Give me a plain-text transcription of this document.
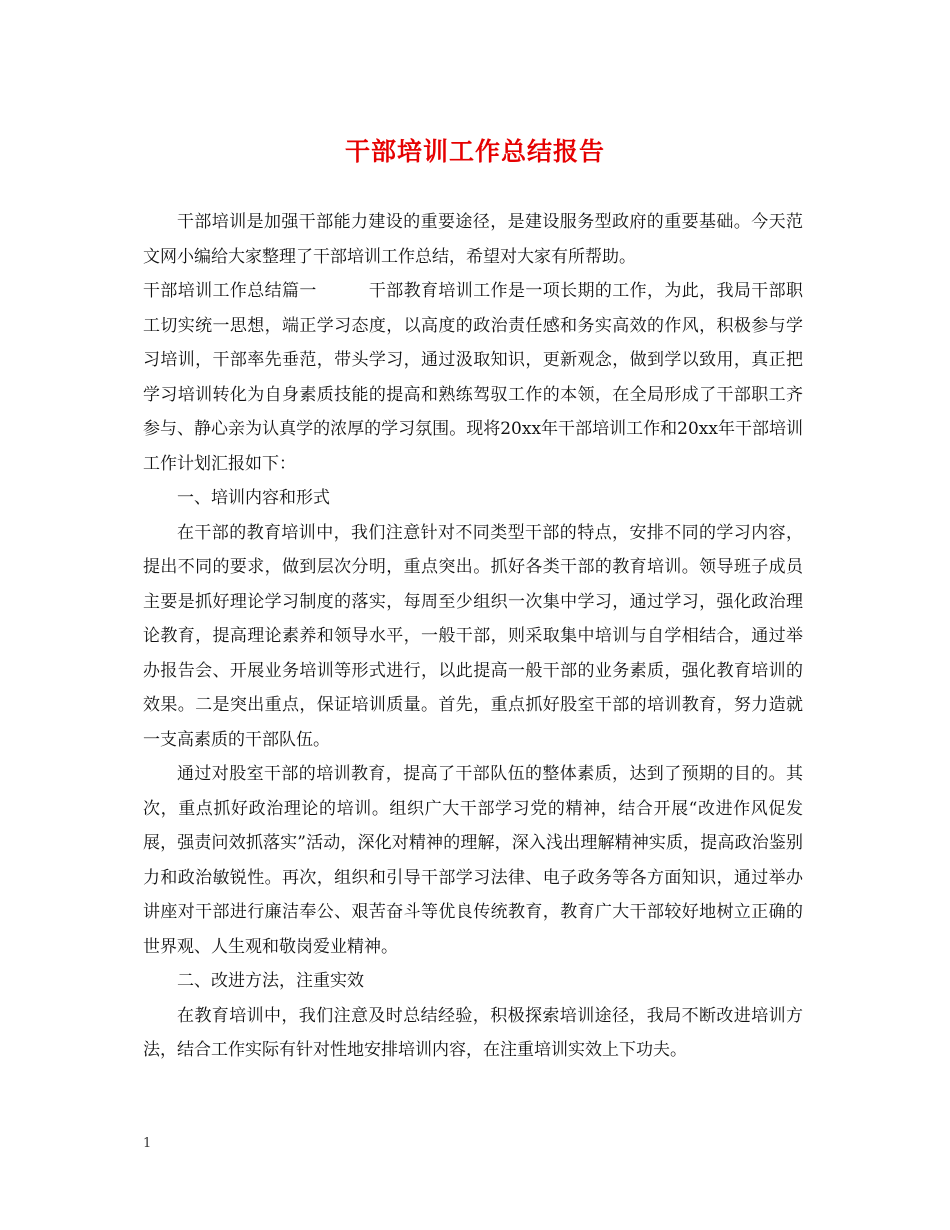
干部培训工作总结报告

干部培训是加强干部能力建设的重要途径，是建设服务型政府的重要基础。今天范文网小编给大家整理了干部培训工作总结，希望对大家有所帮助。

干部培训工作总结篇一　　　干部教育培训工作是一项长期的工作，为此，我局干部职工切实统一思想，端正学习态度，以高度的政治责任感和务实高效的作风，积极参与学习培训，干部率先垂范，带头学习，通过汲取知识，更新观念，做到学以致用，真正把学习培训转化为自身素质技能的提高和熟练驾驭工作的本领，在全局形成了干部职工齐参与、静心亲为认真学的浓厚的学习氛围。现将20xx年干部培训工作和20xx年干部培训工作计划汇报如下：

一、培训内容和形式

在干部的教育培训中，我们注意针对不同类型干部的特点，安排不同的学习内容，提出不同的要求，做到层次分明，重点突出。抓好各类干部的教育培训。领导班子成员主要是抓好理论学习制度的落实，每周至少组织一次集中学习，通过学习，强化政治理论教育，提高理论素养和领导水平，一般干部，则采取集中培训与自学相结合，通过举办报告会、开展业务培训等形式进行，以此提高一般干部的业务素质，强化教育培训的效果。二是突出重点，保证培训质量。首先，重点抓好股室干部的培训教育，努力造就一支高素质的干部队伍。

通过对股室干部的培训教育，提高了干部队伍的整体素质，达到了预期的目的。其次，重点抓好政治理论的培训。组织广大干部学习党的精神，结合开展“改进作风促发展，强责问效抓落实”活动，深化对精神的理解，深入浅出理解精神实质，提高政治鉴别力和政治敏锐性。再次，组织和引导干部学习法律、电子政务等各方面知识，通过举办讲座对干部进行廉洁奉公、艰苦奋斗等优良传统教育，教育广大干部较好地树立正确的世界观、人生观和敬岗爱业精神。

二、改进方法，注重实效

在教育培训中，我们注意及时总结经验，积极探索培训途径，我局不断改进培训方法，结合工作实际有针对性地安排培训内容，在注重培训实效上下功夫。

1
